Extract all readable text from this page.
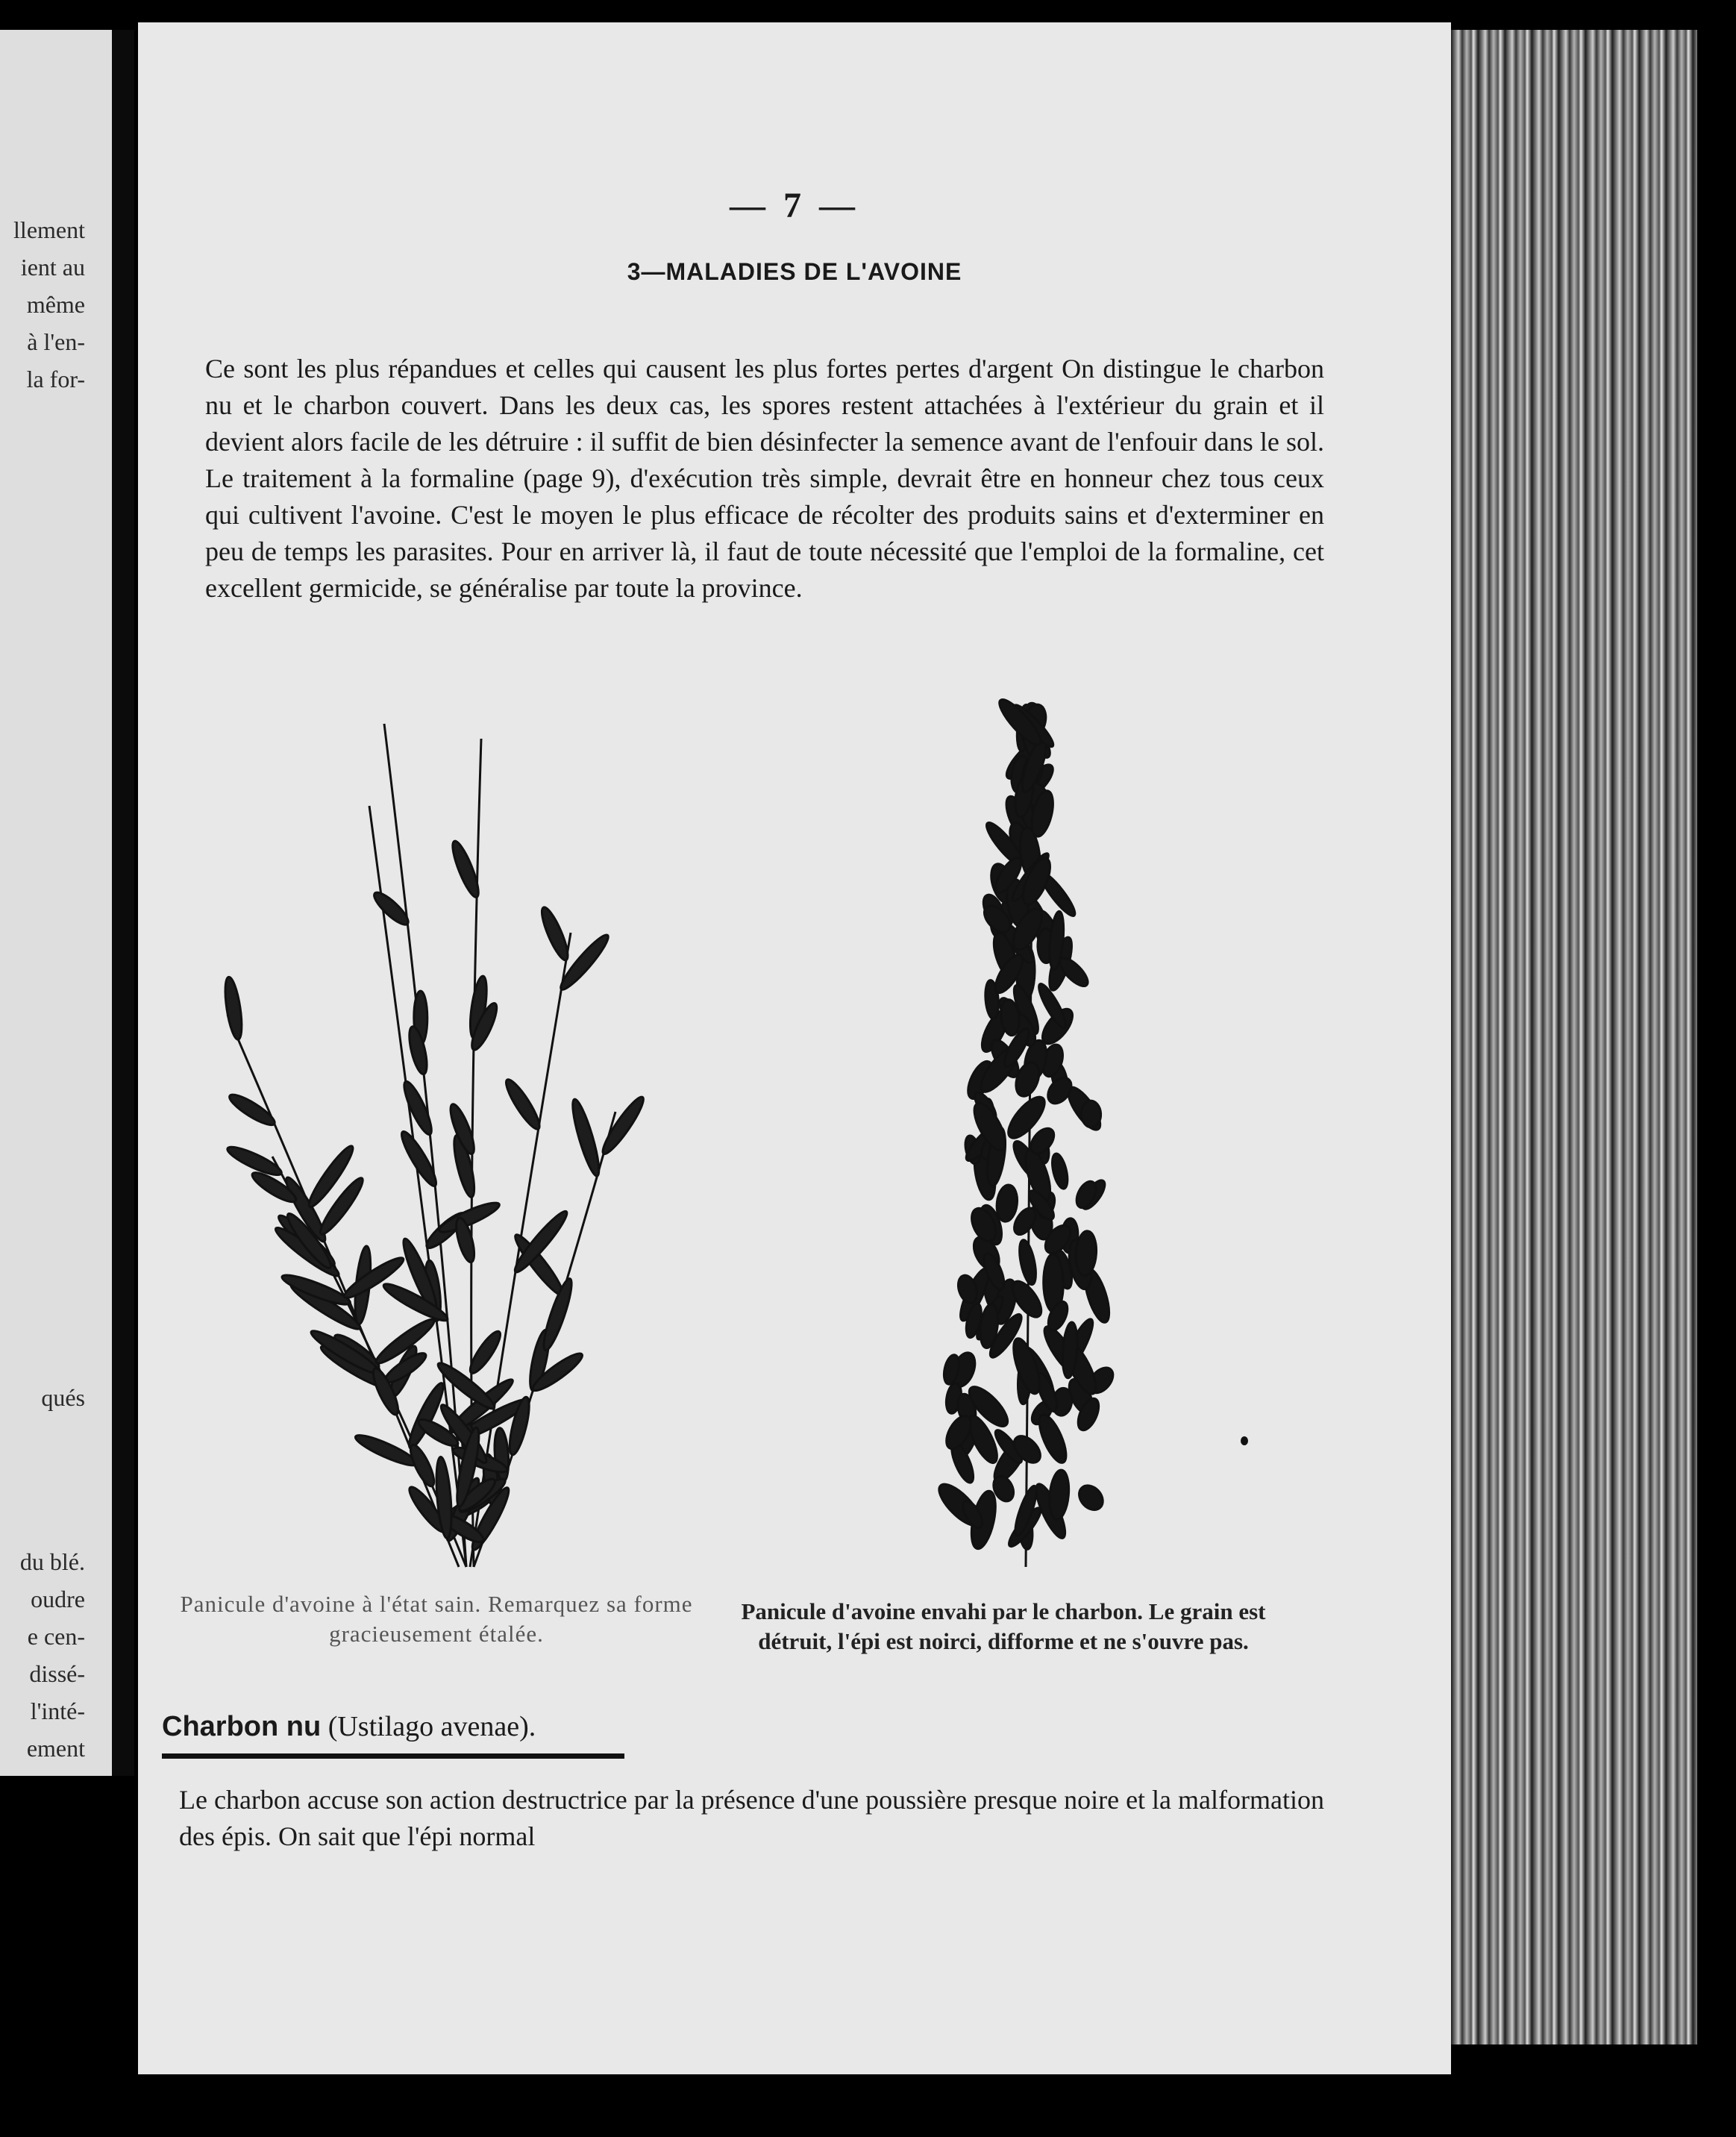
llement
ient au
même
à l'en-
la for-
qués
du blé.
oudre
e cen-
dissé-
l'inté-
ement
— 7 —
3—MALADIES DE L'AVOINE

Ce sont les plus répandues et celles qui causent les plus fortes pertes d'argent On distingue le charbon nu et le charbon couvert. Dans les deux cas, les spores restent attachées à l'extérieur du grain et il devient alors facile de les détruire : il suffit de bien désinfecter la semence avant de l'enfouir dans le sol. Le traitement à la formaline (page 9), d'exécution très simple, devrait être en honneur chez tous ceux qui cultivent l'avoine. C'est le moyen le plus efficace de récolter des produits sains et d'exterminer en peu de temps les parasites. Pour en arriver là, il faut de toute nécessité que l'emploi de la formaline, cet excellent germicide, se généralise par toute la province.

Panicule d'avoine à l'état sain. Remarquez sa forme gracieusement étalée.

Panicule d'avoine envahi par le charbon. Le grain est détruit, l'épi est noirci, difforme et ne s'ouvre pas.

Charbon nu (Ustilago avenae).

Le charbon accuse son action destructrice par la présence d'une poussière presque noire et la malformation des épis. On sait que l'épi normal
